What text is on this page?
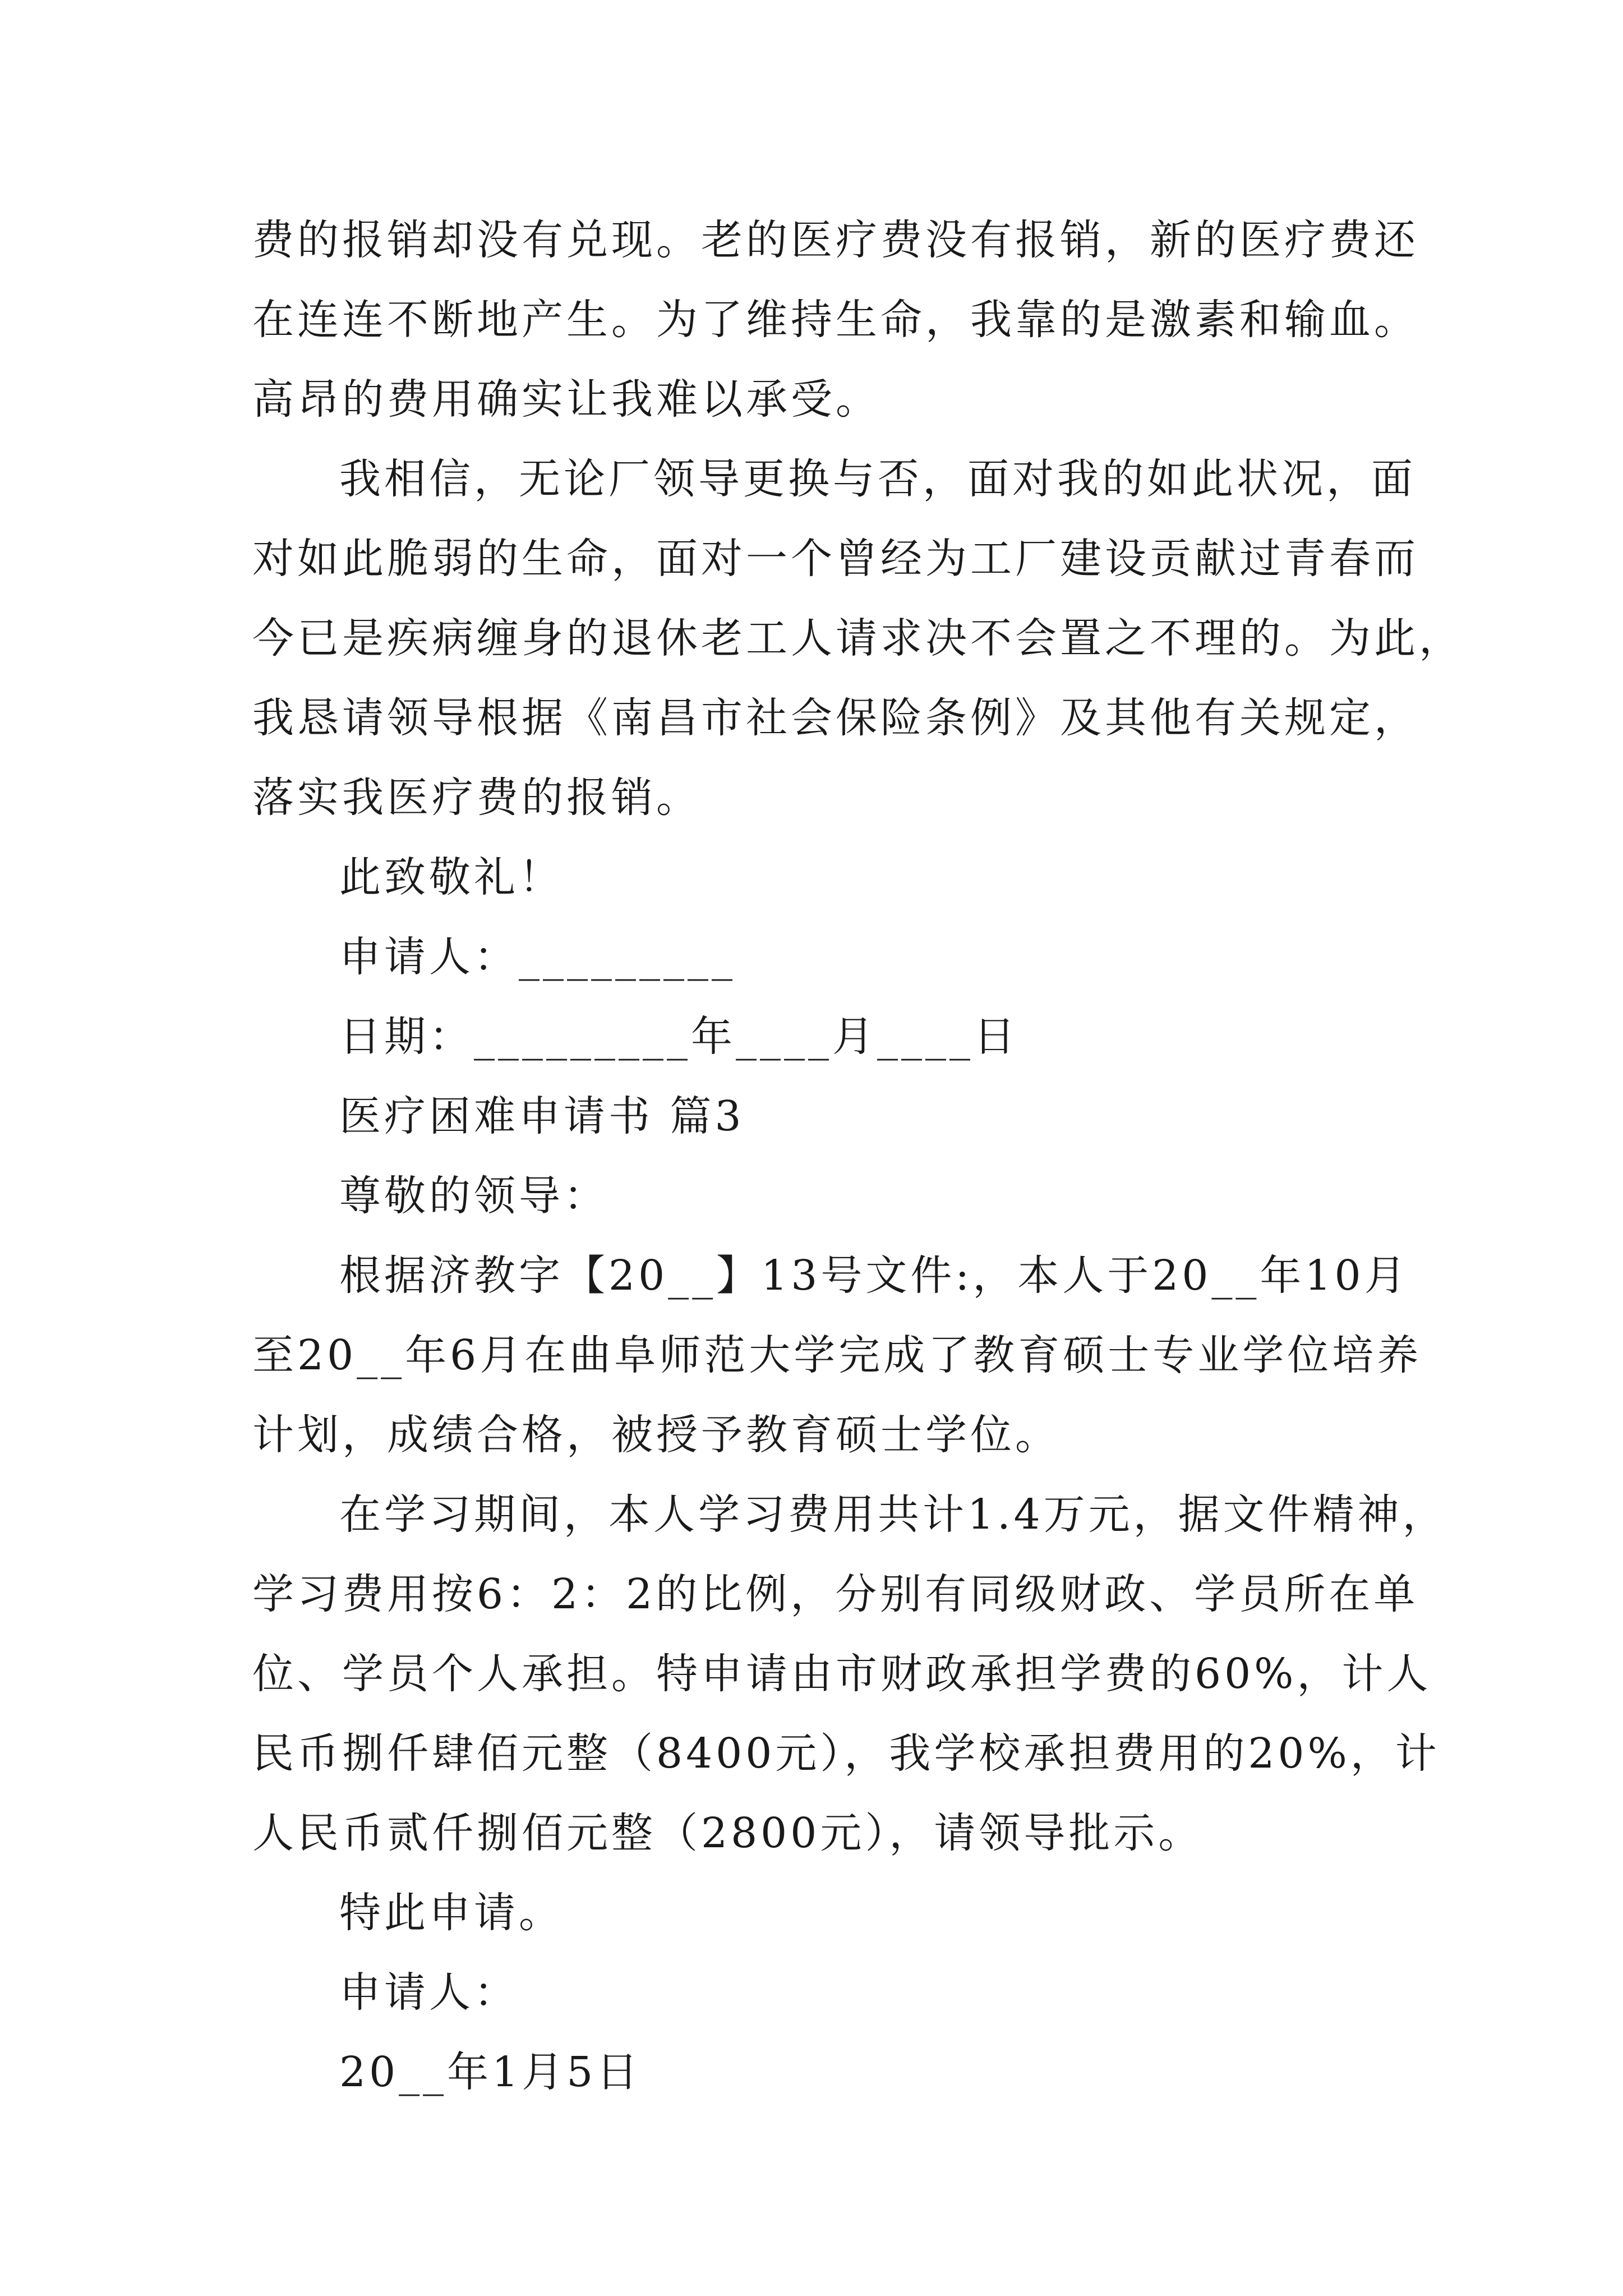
费的报销却没有兑现。老的医疗费没有报销，新的医疗费还
在连连不断地产生。为了维持生命，我靠的是激素和输血。
高昂的费用确实让我难以承受。
我相信，无论厂领导更换与否，面对我的如此状况，面
对如此脆弱的生命，面对一个曾经为工厂建设贡献过青春而
今已是疾病缠身的退休老工人请求决不会置之不理的。为此，
我恳请领导根据《南昌市社会保险条例》及其他有关规定，
落实我医疗费的报销。
此致敬礼！
申请人：_________
日期：_________年____月____日
医疗困难申请书 篇3
尊敬的领导：
根据济教字【20__】13号文件:，本人于20__年10月
至20__年6月在曲阜师范大学完成了教育硕士专业学位培养
计划，成绩合格，被授予教育硕士学位。
在学习期间，本人学习费用共计1.4万元，据文件精神，
学习费用按6：2：2的比例，分别有同级财政、学员所在单
位、学员个人承担。特申请由市财政承担学费的60%，计人
民币捌仟肆佰元整（8400元），我学校承担费用的20%，计
人民币贰仟捌佰元整（2800元），请领导批示。
特此申请。
申请人：
20__年1月5日
